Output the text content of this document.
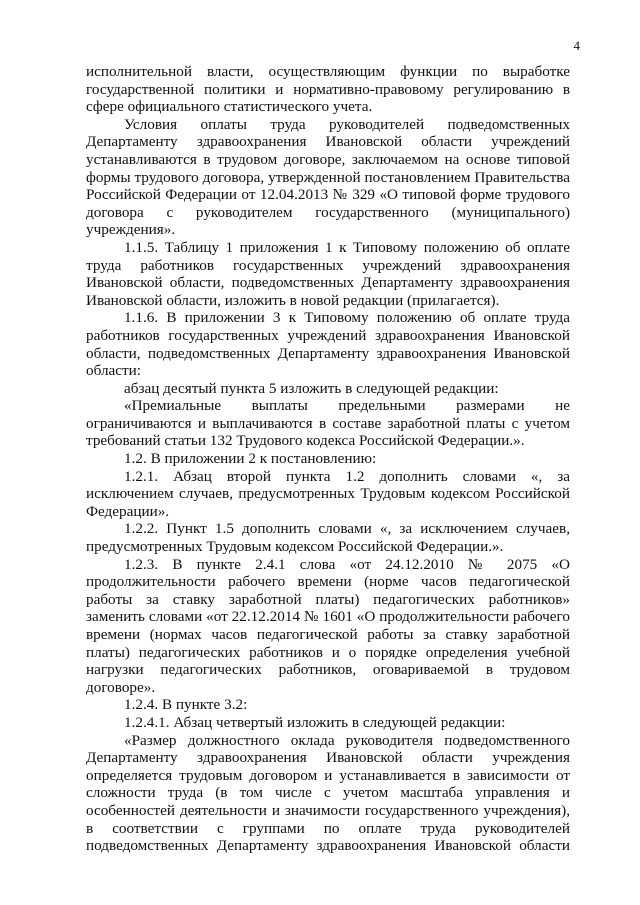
4

исполнительной власти, осуществляющим функции по выработке государственной политики и нормативно-правовому регулированию в сфере официального статистического учета.

Условия оплаты труда руководителей подведомственных Департаменту здравоохранения Ивановской области учреждений устанавливаются в трудовом договоре, заключаемом на основе типовой формы трудового договора, утвержденной постановлением Правительства Российской Федерации от 12.04.2013 № 329 «О типовой форме трудового договора с руководителем государственного (муниципального) учреждения».

1.1.5. Таблицу 1 приложения 1 к Типовому положению об оплате труда работников государственных учреждений здравоохранения Ивановской области, подведомственных Департаменту здравоохранения Ивановской области, изложить в новой редакции (прилагается).

1.1.6. В приложении 3 к Типовому положению об оплате труда работников государственных учреждений здравоохранения Ивановской области, подведомственных Департаменту здравоохранения Ивановской области:

абзац десятый пункта 5 изложить в следующей редакции:

«Премиальные выплаты предельными размерами не ограничиваются и выплачиваются в составе заработной платы с учетом требований статьи 132 Трудового кодекса Российской Федерации.».

1.2. В приложении 2 к постановлению:

1.2.1. Абзац второй пункта 1.2 дополнить словами «, за исключением случаев, предусмотренных Трудовым кодексом Российской Федерации».

1.2.2. Пункт 1.5 дополнить словами «, за исключением случаев, предусмотренных Трудовым кодексом Российской Федерации.».

1.2.3. В пункте 2.4.1 слова «от 24.12.2010 № 2075 «О продолжительности рабочего времени (норме часов педагогической работы за ставку заработной платы) педагогических работников» заменить словами «от 22.12.2014 № 1601 «О продолжительности рабочего времени (нормах часов педагогической работы за ставку заработной платы) педагогических работников и о порядке определения учебной нагрузки педагогических работников, оговариваемой в трудовом договоре».

1.2.4. В пункте 3.2:

1.2.4.1. Абзац четвертый изложить в следующей редакции:

«Размер должностного оклада руководителя подведомственного Департаменту здравоохранения Ивановской области учреждения определяется трудовым договором и устанавливается в зависимости от сложности труда (в том числе с учетом масштаба управления и особенностей деятельности и значимости государственного учреждения), в соответствии с группами по оплате труда руководителей подведомственных Департаменту здравоохранения Ивановской области
